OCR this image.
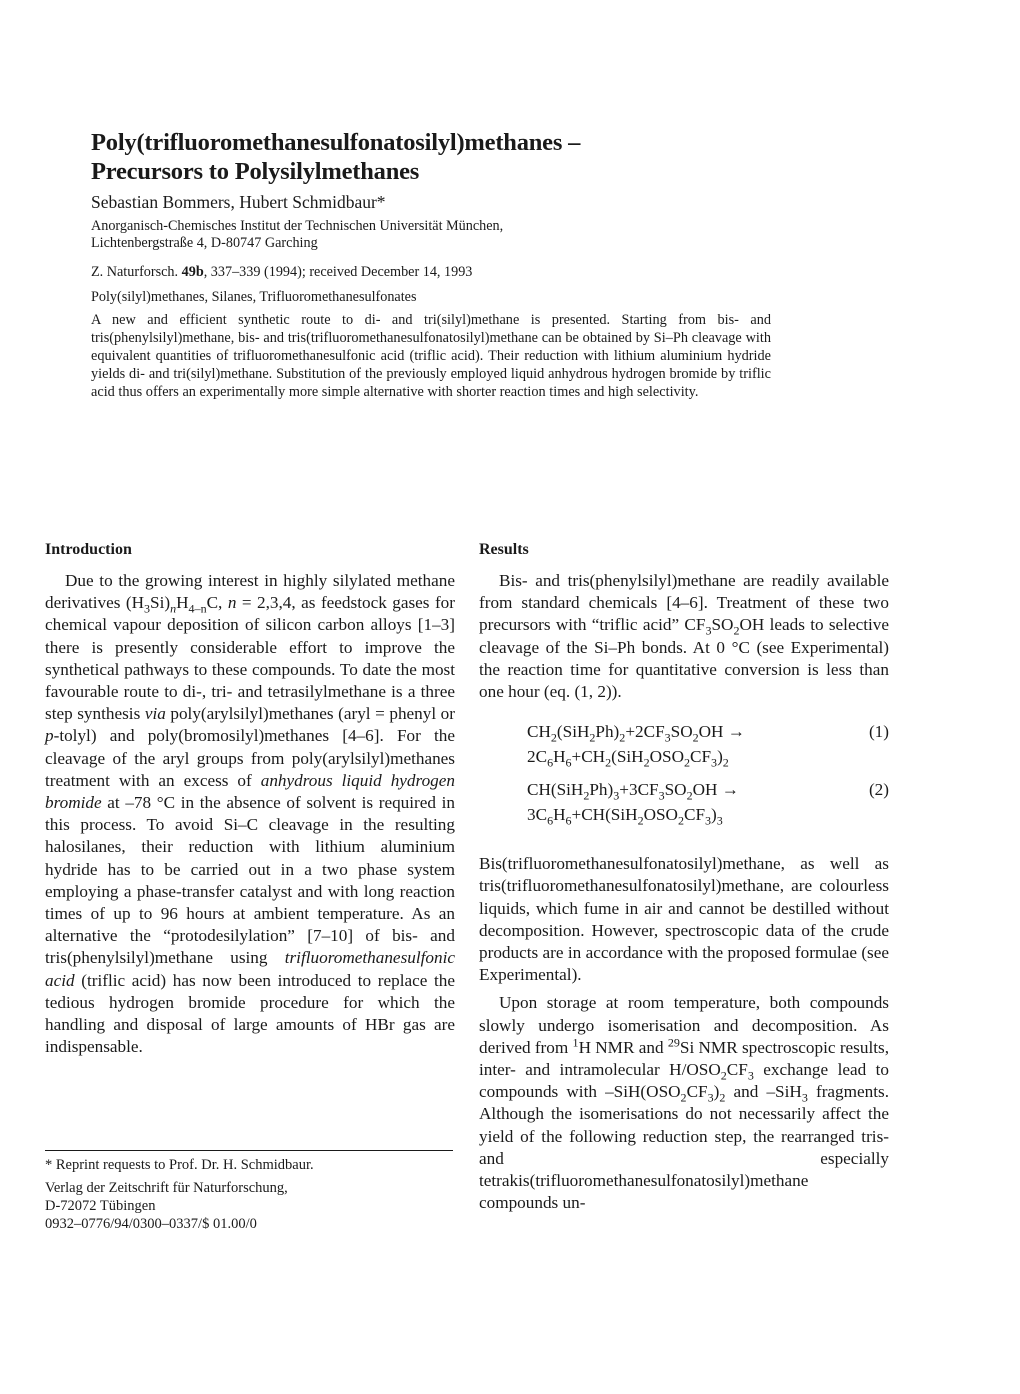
Poly(trifluoromethanesulfonatosilyl)methanes –
Precursors to Polysilylmethanes
Sebastian Bommers, Hubert Schmidbaur*
Anorganisch-Chemisches Institut der Technischen Universität München,
Lichtenbergstraße 4, D-80747 Garching
Z. Naturforsch. 49b, 337–339 (1994); received December 14, 1993
Poly(silyl)methanes, Silanes, Trifluoromethanesulfonates
A new and efficient synthetic route to di- and tri(silyl)methane is presented. Starting from bis- and tris(phenylsilyl)methane, bis- and tris(trifluoromethanesulfonatosilyl)methane can be obtained by Si–Ph cleavage with equivalent quantities of trifluoromethanesulfonic acid (triflic acid). Their reduction with lithium aluminium hydride yields di- and tri(silyl)methane. Substitution of the previously employed liquid anhydrous hydrogen bromide by triflic acid thus offers an experimentally more simple alternative with shorter reaction times and high selectivity.
Introduction
Due to the growing interest in highly silylated methane derivatives $(H_3Si)_nH_{4-n}C$, n = 2,3,4, as feedstock gases for chemical vapour deposition of silicon carbon alloys [1–3] there is presently considerable effort to improve the synthetical pathways to these compounds. To date the most favourable route to di-, tri- and tetrasilylmethane is a three step synthesis via poly(arylsilyl)methanes (aryl = phenyl or p-tolyl) and poly(bromosilyl)methanes [4–6]. For the cleavage of the aryl groups from poly(arylsilyl)methanes treatment with an excess of anhydrous liquid hydrogen bromide at –78 °C in the absence of solvent is required in this process. To avoid Si–C cleavage in the resulting halosilanes, their reduction with lithium aluminium hydride has to be carried out in a two phase system employing a phase-transfer catalyst and with long reaction times of up to 96 hours at ambient temperature. As an alternative the “protodesilylation” [7–10] of bis- and tris(phenylsilyl)methane using trifluoromethanesulfonic acid (triflic acid) has now been introduced to replace the tedious hydrogen bromide procedure for which the handling and disposal of large amounts of HBr gas are indispensable.
* Reprint requests to Prof. Dr. H. Schmidbaur.
Verlag der Zeitschrift für Naturforschung,
D-72072 Tübingen
0932–0776/94/0300–0337/$ 01.00/0
Results
Bis- and tris(phenylsilyl)methane are readily available from standard chemicals [4–6]. Treatment of these two precursors with “triflic acid” $CF_3SO_2OH$ leads to selective cleavage of the Si–Ph bonds. At 0 °C (see Experimental) the reaction time for quantitative conversion is less than one hour (eq. (1, 2)).
$CH_2(SiH_2Ph)_2+2CF_3SO_2OH$ →	(1)
$2C_6H_6+CH_2(SiH_2OSO_2CF_3)_2$
$CH(SiH_2Ph)_3+3CF_3SO_2OH$ →	(2)
$3C_6H_6+CH(SiH_2OSO_2CF_3)_3$
Bis(trifluoromethanesulfonatosilyl)methane, as well as tris(trifluoromethanesulfonatosilyl)methane, are colourless liquids, which fume in air and cannot be destilled without decomposition. However, spectroscopic data of the crude products are in accordance with the proposed formulae (see Experimental).
Upon storage at room temperature, both compounds slowly undergo isomerisation and decomposition. As derived from $^1$H NMR and $^{29}$Si NMR spectroscopic results, inter- and intramolecular $H/OSO_2CF_3$ exchange lead to compounds with $-SiH(OSO_2CF_3)_2$ and –SiH$_3$ fragments. Although the isomerisations do not necessarily affect the yield of the following reduction step, the rearranged tris- and especially tetrakis(trifluoromethanesulfonatosilyl)methane compounds un-
